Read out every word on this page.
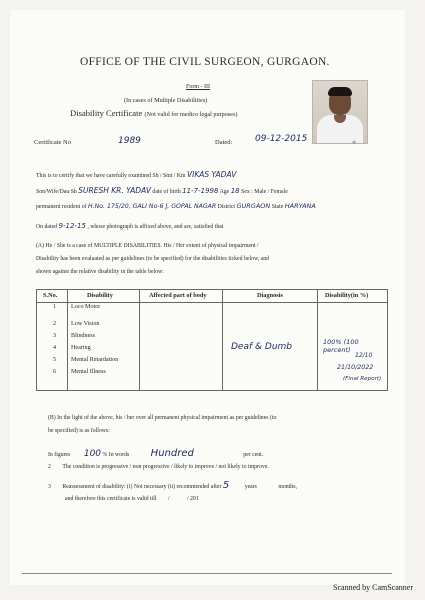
OFFICE OF THE CIVIL SURGEON, GURGAON.
Form - III
(In cases of Multiple Disabilities)
Disability Certificate (Not valid for medico legal purposes)
✺
Certificate No	1989	Dated:	09-12-2015
This is to certify that we have carefully examined Sh / Smt / Km VIKAS YADAV
Son/Wife/Dau Sh SURESH KR. YADAV date of birth 11-7-1998 Age 18 Sex : Male / Female
permanent resident of H.No. 175/20, GALI No-6 J, GOPAL NAGAR District GURGAON State HARYANA
On dated 9-12-15 , whose photograph is affixed above, and are, satisfied that
(A) He / She is a case of MULTIPLE DISABILITIES. His / Her extent of physical impairment /
Disability has been evaluated as per guidelines (to be specified) for the disabilities ticked below, and
shown against the relative disability in the table below:
S.No.	Disability	Affected part of body	Diagnosis	Disability(in %)
1 Loco Motor
2 Low Vision
3 Blindness
4 Hearing
5 Mental Retardation
6 Mental Illness
Deaf & Dumb	100% (100 percent)
12/10
21/10/2022
(Final Report)
(B) In the light of the above, his / her over all permanent physical impairment as per guidelines (to
be specified) is as follows:
In figures 100 % In words Hundred	per cent.
2 The condition is progressive / non progressive / likely to improve / not likely to improve.
3 Reassessment of disability: (i) Not necessary (ii) recommended after 5	years	months,
and therefore this certificate is valid till /	/ 201
Scanned by CamScanner
